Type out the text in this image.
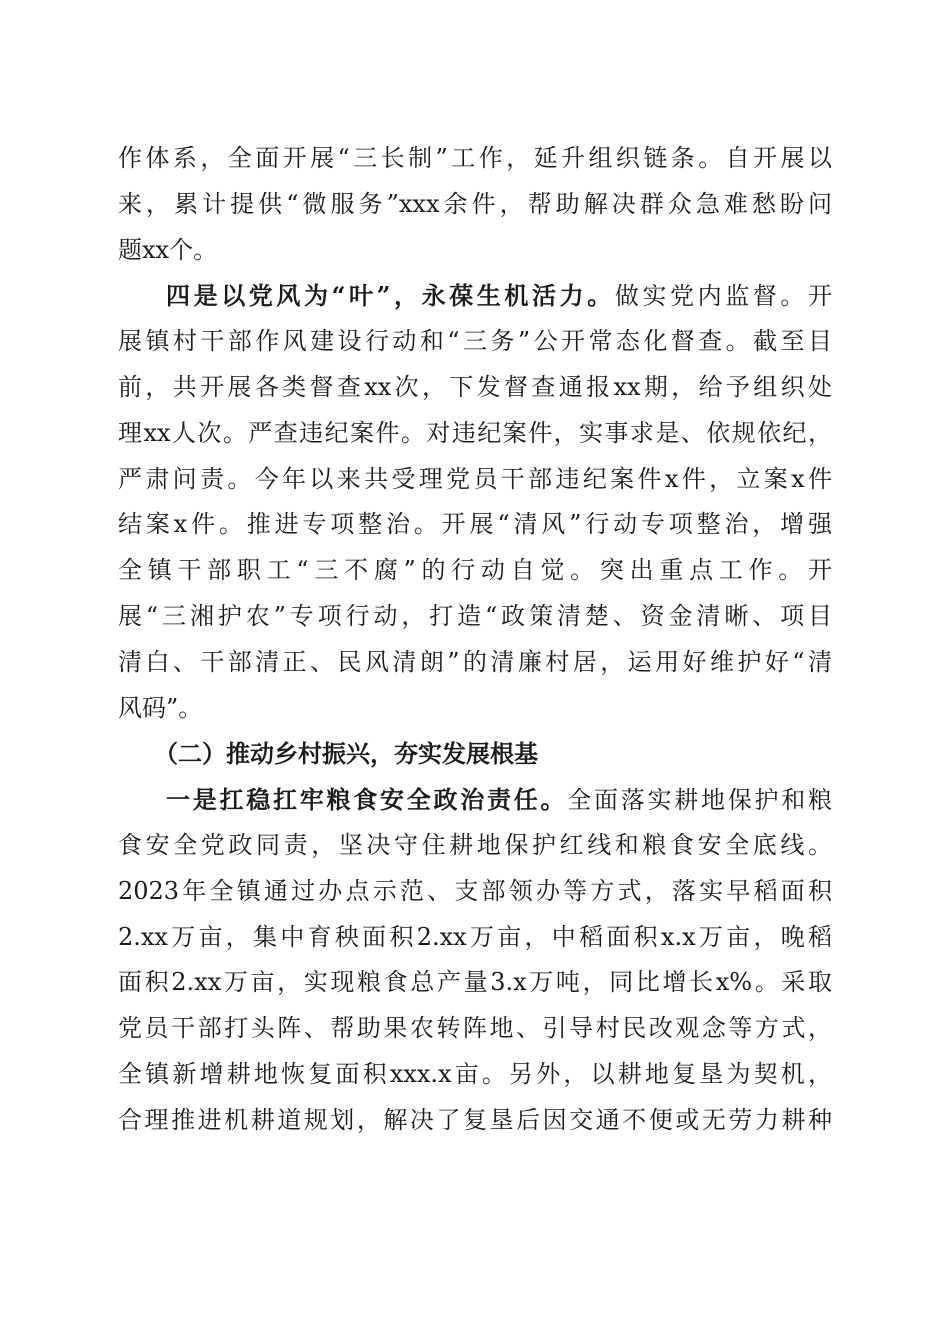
作体系，全面开展“三长制”工作，延升组织链条。自开展以
来，累计提供“微服务”xxx余件，帮助解决群众急难愁盼问
题xx个。
四是以党风为“叶”，永葆生机活力。做实党内监督。开
展镇村干部作风建设行动和“三务”公开常态化督查。截至目
前，共开展各类督查xx次，下发督查通报xx期，给予组织处
理xx人次。严查违纪案件。对违纪案件，实事求是、依规依纪，
严肃问责。今年以来共受理党员干部违纪案件x件，立案x件
结案x件。推进专项整治。开展“清风”行动专项整治，增强
全镇干部职工“三不腐”的行动自觉。突出重点工作。开
展“三湘护农”专项行动，打造“政策清楚、资金清晰、项目
清白、干部清正、民风清朗”的清廉村居，运用好维护好“清
风码”。
（二）推动乡村振兴，夯实发展根基
一是扛稳扛牢粮食安全政治责任。全面落实耕地保护和粮
食安全党政同责，坚决守住耕地保护红线和粮食安全底线。
2023年全镇通过办点示范、支部领办等方式，落实早稻面积
2.xx万亩，集中育秧面积2.xx万亩，中稻面积x.x万亩，晚稻
面积2.xx万亩，实现粮食总产量3.x万吨，同比增长x%。采取
党员干部打头阵、帮助果农转阵地、引导村民改观念等方式，
全镇新增耕地恢复面积xxx.x亩。另外，以耕地复垦为契机，
合理推进机耕道规划，解决了复垦后因交通不便或无劳力耕种
